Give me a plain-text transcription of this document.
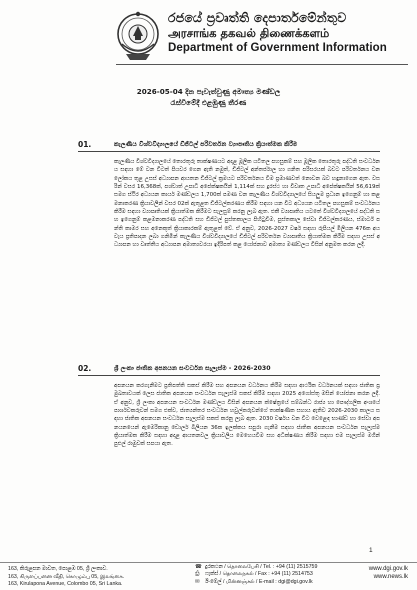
රජයේ ප්‍රවෘත්ති දෙපාර්තමේන්තුව
அரசாங்க தகவல் திணைக்களம்
Department of Government Information
2026-05-04 දින පැවැත්වුණු අමාත්‍ය මණ්ඩල
රැස්වීමේදී එළඹුණු තීරණ
01.	කැලණිය විශ්වවිද්‍යාලයේ ඩිජිටල් පරිවර්තන ව්‍යාපෘතිය ක්‍රියාත්මක කිරීම
කැලණිය විශ්වවිද්‍යාලයේ තොරතුරු තාක්ෂණයට අදාළ මූලික යටිතල පහසුකම් සහ මූලික තොරතුරු පද්ධති සංවර්ධනය සඳහා මේ වන විටත් පියවර ගෙන ඇති නමුත්, ඩිජිටල් අන්තර්ජාල හා ගනිත පරිසරයක් බවට පරිවර්තනය වන ලෝකය තුළ උසස් අධ්‍යාපන ආයතන ඩිජිටල් ක්‍රමයට පරිවර්තනය වීම ප්‍රමාණවත් නොවන බව හඳුනාගෙන ඇත. වසරින් වසර 16,368ක්, පශ්චාත් උපාධි අපේක්ෂකයින් 1,114ක් සහ දුරස්ථ හා විවෘත උපාධි අපේක්ෂකයින් 56,619ක් සමග ස්ථිර අධ්‍යයන කාර්ය මණ්ඩලය 1,700ක් පමණ වන කැලණිය විශ්වවිද්‍යාලයේ සියලුම ප්‍රධාන ඉගෙනුම් හා කළමනාකරණ ක්‍රියාවලීන් වසර 02ක් ඇතුළත ඩිජිටල්කරණය කිරීම සඳහා යන විට අධ්‍යයන යටිතල පහසුකම් සංවර්ධනය කිරීම සඳහා ව්‍යාපෘතියක් ක්‍රියාත්මක කිරීමට සැලසුම් කරනු ලැබ ඇත. එකී ව්‍යාපෘතිය යටතේ විශ්වවිද්‍යාලයේ පද්ධති සහ ඉගෙනුම් කළමනාකරණ පද්ධති සහ ඩිජිටල් පුස්තකාලය පිහිටුවීම, පුස්තකාල සේවා ඩිජිටල්කරණය, ස්මාර්ට් පන්ති කාමර සහ අනෙකුත් ක්‍රියාකාරකම් ඇතුළත් වේ. ඒ අනුව, 2026-2027 වර්ෂ සඳහා රුපියල් මිලියන 476ක අයවැය ප්‍රතිපාදන ලබා ගනිමින් කැලණිය විශ්වවිද්‍යාලයේ ඩිජිටල් පරිවර්තන ව්‍යාපෘතිය ක්‍රියාත්මක කිරීම සඳහා උසස් අධ්‍යාපන හා වෘත්තීය අධ්‍යාපන අමාත්‍යවරයා ඉදිරිපත් කළ යෝජනාව අමාත්‍ය මණ්ඩලය විසින් අනුමත කරන ලදී.
02.	ශ්‍රී ලංකා ජාතික අපනයන සංවර්ධන සැලැස්ම - 2026-2030
අපනයන කරගැනීමට ප්‍රතිපත්ති සකස් කිරීම සහ අපනයන වර්ධනය කිරීම සඳහා ආර්ථික වර්ධනයක් සඳහා ජාතික ප්‍රමුඛතාවයක් ලෙස ජාතික අපනයන සංවර්ධන සැලැස්ම සකස් කිරීම සඳහා 2025 අගෝස්තු මසින් යෝජනා කරන ලදී. ඒ අනුව, ශ්‍රී ලංකා අපනයන සංවර්ධන මණ්ඩලය විසින් අපනයන ක්ෂේත්‍රයේ සම්බන්ධ රාජ්‍ය හා පෞද්ගලික අංශයේ පාර්ශවකරුවන් සමග එක්ව, ජාත්‍යන්තර සංවර්ධන හවුල්කරුවන්ගේ තාක්ෂණික සහාය ඇතිව 2026-2030 කාලය සඳහා ජාතික අපනයන සංවර්ධන සැලැස්ම සකස් කරනු ලැබ ඇත. 2030 වර්ෂය වන විට වෙළෙඳ භාණ්ඩ හා සේවා අපනයනයෙන් ඇමෙරිකානු ඩොලර් බිලියන 36ක ඉලක්කය සපුරා ගැනීම සඳහා ජාතික අපනයන සංවර්ධන සැලැස්ම ක්‍රියාත්මක කිරීම සඳහා අදාළ ආයතනවල ක්‍රියාවලිය මෙහෙයවීම සහ අධීක්ෂණය කිරීම සඳහා එම සැලැස්ම මගින් පුළුල් රාමුවක් සපයා ඇත.
1
163, කිරුළපන මාවත, පොළඹ 05, ශ්‍රී ලංකාව.
163, கிருளப்பனை வீதி, கொழும்பு 05, இலங்கை.
163, Kirulapona Avenue, Colombo 05, Sri Lanka.
☎ දුරකථන / தொலைபேசி / Tel. : +94 (11) 2515759
⎙ ෆැක්ස් / தொலைநகல் / Fax : +94 (11) 2514753
✉ ඊ-මේල් / மின்னஞ்சல் / E-mail : dgi@dgi.gov.lk
www.dgi.gov.lk
www.news.lk
